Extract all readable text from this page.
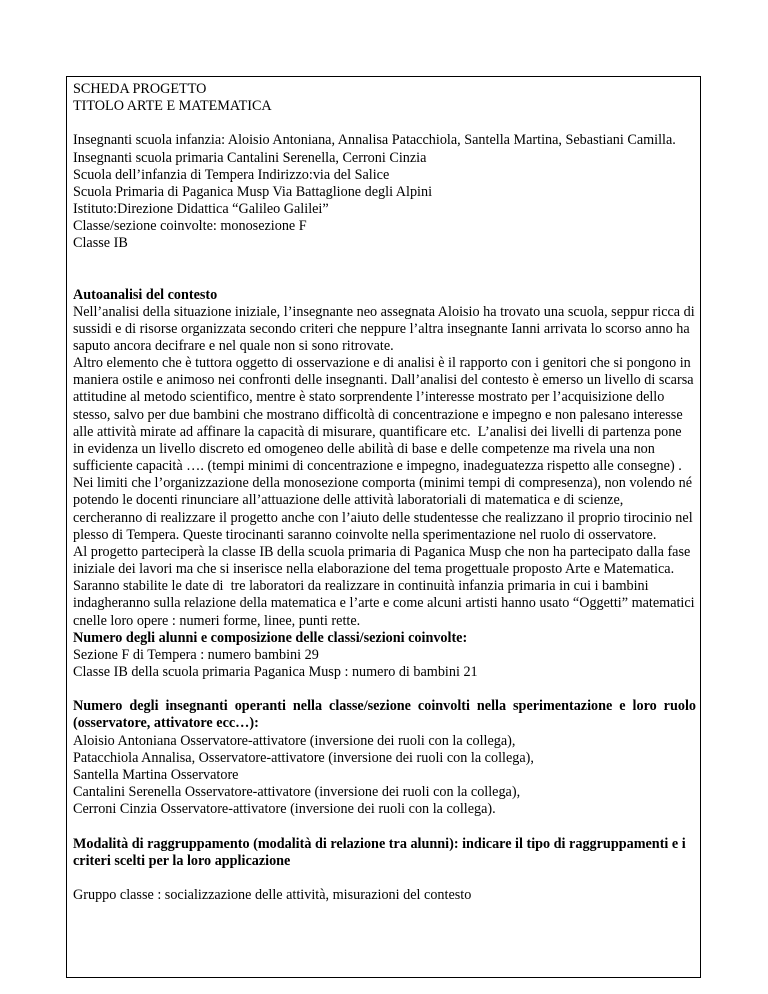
SCHEDA PROGETTO
TITOLO ARTE E MATEMATICA
Insegnanti scuola infanzia: Aloisio Antoniana, Annalisa Patacchiola, Santella Martina, Sebastiani Camilla.
Insegnanti scuola primaria Cantalini Serenella, Cerroni Cinzia
Scuola dell’infanzia di Tempera Indirizzo:via del Salice
Scuola Primaria di Paganica Musp Via Battaglione degli Alpini
Istituto:Direzione Didattica “Galileo Galilei”
Classe/sezione coinvolte: monosezione F
Classe IB
Autoanalisi del contesto
Nell’analisi della situazione iniziale, l’insegnante neo assegnata Aloisio ha trovato una scuola, seppur ricca di sussidi e di risorse organizzata secondo criteri che neppure l’altra insegnante Ianni arrivata lo scorso anno ha saputo ancora decifrare e nel quale non si sono ritrovate.
Altro elemento che è tuttora oggetto di osservazione e di analisi è il rapporto con i genitori che si pongono in maniera ostile e animoso nei confronti delle insegnanti. Dall’analisi del contesto è emerso un livello di scarsa attitudine al metodo scientifico, mentre è stato sorprendente l’interesse mostrato per l’acquisizione dello stesso, salvo per due bambini che mostrano difficoltà di concentrazione e impegno e non palesano interesse alle attività mirate ad affinare la capacità di misurare, quantificare etc.  L’analisi dei livelli di partenza pone in evidenza un livello discreto ed omogeneo delle abilità di base e delle competenze ma rivela una non sufficiente capacità …. (tempi minimi di concentrazione e impegno, inadeguatezza rispetto alle consegne) . Nei limiti che l’organizzazione della monosezione comporta (minimi tempi di compresenza), non volendo né potendo le docenti rinunciare all’attuazione delle attività laboratoriali di matematica e di scienze, cercheranno di realizzare il progetto anche con l’aiuto delle studentesse che realizzano il proprio tirocinio nel plesso di Tempera. Queste tirocinanti saranno coinvolte nella sperimentazione nel ruolo di osservatore.
Al progetto parteciperà la classe IB della scuola primaria di Paganica Musp che non ha partecipato dalla fase iniziale dei lavori ma che si inserisce nella elaborazione del tema progettuale proposto Arte e Matematica. Saranno stabilite le date di  tre laboratori da realizzare in continuità infanzia primaria in cui i bambini indagheranno sulla relazione della matematica e l’arte e come alcuni artisti hanno usato “Oggetti” matematici cnelle loro opere : numeri forme, linee, punti rette.
Numero degli alunni e composizione delle classi/sezioni coinvolte:
Sezione F di Tempera : numero bambini 29
Classe IB della scuola primaria Paganica Musp : numero di bambini 21
Numero degli insegnanti operanti nella classe/sezione coinvolti nella sperimentazione e loro ruolo (osservatore, attivatore ecc…):
Aloisio Antoniana Osservatore-attivatore (inversione dei ruoli con la collega),
Patacchiola Annalisa, Osservatore-attivatore (inversione dei ruoli con la collega),
Santella Martina Osservatore
Cantalini Serenella Osservatore-attivatore (inversione dei ruoli con la collega),
Cerroni Cinzia Osservatore-attivatore (inversione dei ruoli con la collega).
Modalità di raggruppamento (modalità di relazione tra alunni): indicare il tipo di raggruppamenti e i criteri scelti per la loro applicazione
Gruppo classe : socializzazione delle attività, misurazioni del contesto
